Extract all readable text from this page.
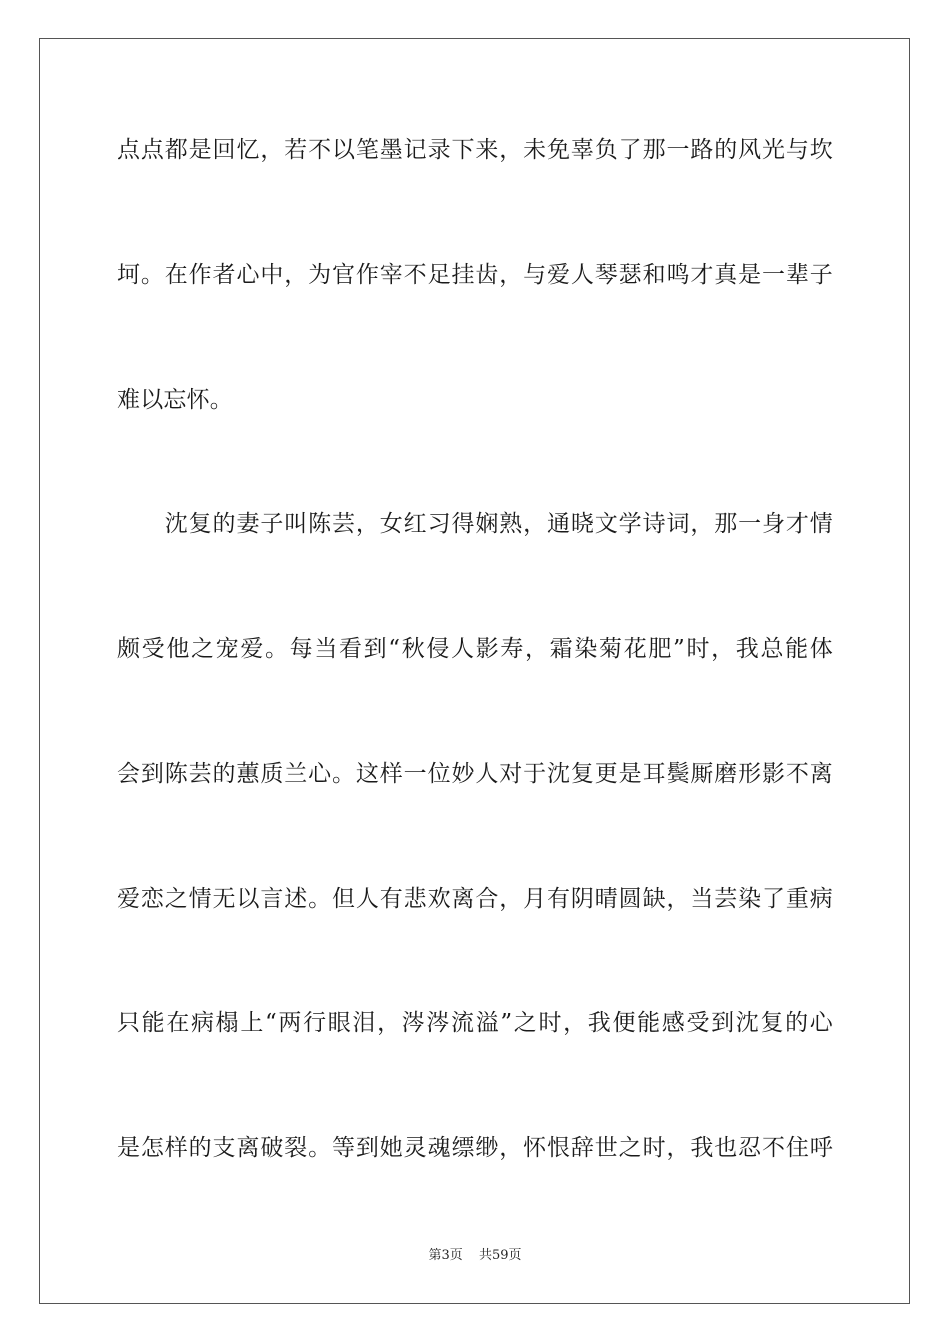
点点都是回忆，若不以笔墨记录下来，未免辜负了那一路的风光与坎
坷。在作者心中，为官作宰不足挂齿，与爱人琴瑟和鸣才真是一辈子
难以忘怀。
　　沈复的妻子叫陈芸，女红习得娴熟，通晓文学诗词，那一身才情
颇受他之宠爱。每当看到“秋侵人影寿，霜染菊花肥”时，我总能体
会到陈芸的蕙质兰心。这样一位妙人对于沈复更是耳鬓厮磨形影不离
爱恋之情无以言述。但人有悲欢离合，月有阴晴圆缺，当芸染了重病
只能在病榻上“两行眼泪，涔涔流溢”之时，我便能感受到沈复的心
是怎样的支离破裂。等到她灵魂缥缈，怀恨辞世之时，我也忍不住呼
第3页 共59页
